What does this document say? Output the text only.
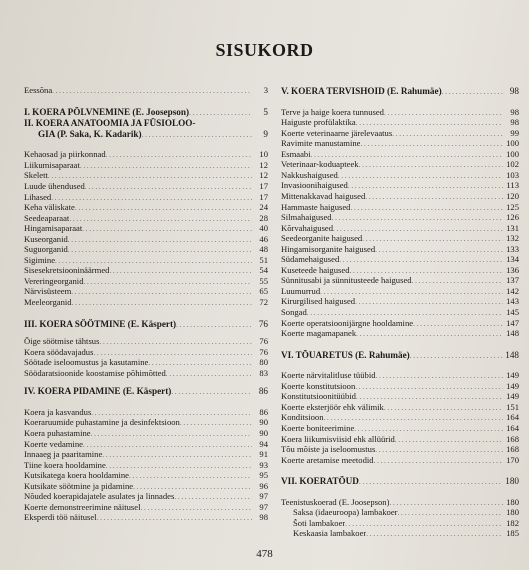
SISUKORD
Eessõna . . .	3
I. KOERA PÕLVNEMINE (E. Joosepson) . . .	5
II. KOERA ANATOOMIA JA FÜSIOLOO-
GIA (P. Saka, K. Kadarik) . . .	9
Kehaosad ja piirkonnad . . .	10
Liikumisaparaat . . .	12
Skelett . . .	12
Luude ühendused . . .	17
Lihased . . .	17
Keha väliskate . . .	24
Seedeaparaat . . .	28
Hingamisaparaat . . .	40
Kuseorganid . . .	46
Suguorganid . . .	48
Sigimine . . .	51
Sisesekretsiooninäärmed . . .	54
Vereringeorganid . . .	55
Närvisüsteem . . .	65
Meeleorganid . . .	72
III. KOERA SÖÖTMINE (E. Käspert) . . .	76
Õige söötmise tähtsus . . .	76
Koera söödavajadus . . .	76
Söötade iseloomustus ja kasutamine . . .	80
Söödaratsioonide koostamise põhimõtted . . .	83
IV. KOERA PIDAMINE (E. Käspert) . . .	86
Koera ja kasvandus . . .	86
Koeraruumide puhastamine ja desinfektsioon . . .	90
Koera puhastamine . . .	90
Koerte vedamine . . .	94
Innaaeg ja paaritamine . . .	91
Tiine koera hooldamine . . .	93
Kutsikatega koera hooldamine . . .	95
Kutsikate söötmine ja pidamine . . .	96
Nõuded koerapidajatele asulates ja linnades . . .	97
Koerte demonstreerimine näitusel . . .	97
Eksperdi töö näitusel . . .	98
V. KOERA TERVISHOID (E. Rahumäe) . . .	98
Terve ja haige koera tunnused . . .	98
Haiguste profülaktika . . .	98
Koerte veterinaarne järelevaatus . . .	99
Ravimite manustamine . . .	100
Esmaabi . . .	100
Veterinaar-koduapteek . . .	102
Nakkushaigused . . .	103
Invasioonihaigused . . .	113
Mittenakkavad haigused . . .	120
Hammaste haigused . . .	125
Silmahaigused . . .	126
Kõrvahaigused . . .	131
Seedeorganite haigused . . .	132
Hingamisorganite haigused . . .	133
Südamehaigused . . .	134
Kuseteede haigused . . .	136
Sünnitusabi ja sünnitusteede haigused . . .	137
Luumurrud . . .	142
Kirurgilised haigused . . .	143
Songad . . .	145
Koerte operatsioonijärgne hooldamine . . .	147
Koerte magamapanek . . .	148
VI. TÕUARETUS (E. Rahumäe) . . .	148
Koerte närvitalitluse tüübid . . .	149
Koerte konstitutsioon . . .	149
Konstitutsioonitüübid . . .	149
Koerte eksterjöör ehk välimik . . .	151
Konditsioon . . .	164
Koerte boniteerimine . . .	164
Koera liikumisviisid ehk allüürid . . .	168
Tõu mõiste ja iseloomustus . . .	168
Koerte aretamise meetodid . . .	170
VII. KOERATÕUD . . .	180
Teenistuskoerad (E. Joosepson) . . .	180
Saksa (idaeuroopa) lambakoer . . .	180
Šoti lambakoer . . .	182
Keskaasia lambakoer . . .	185
478
